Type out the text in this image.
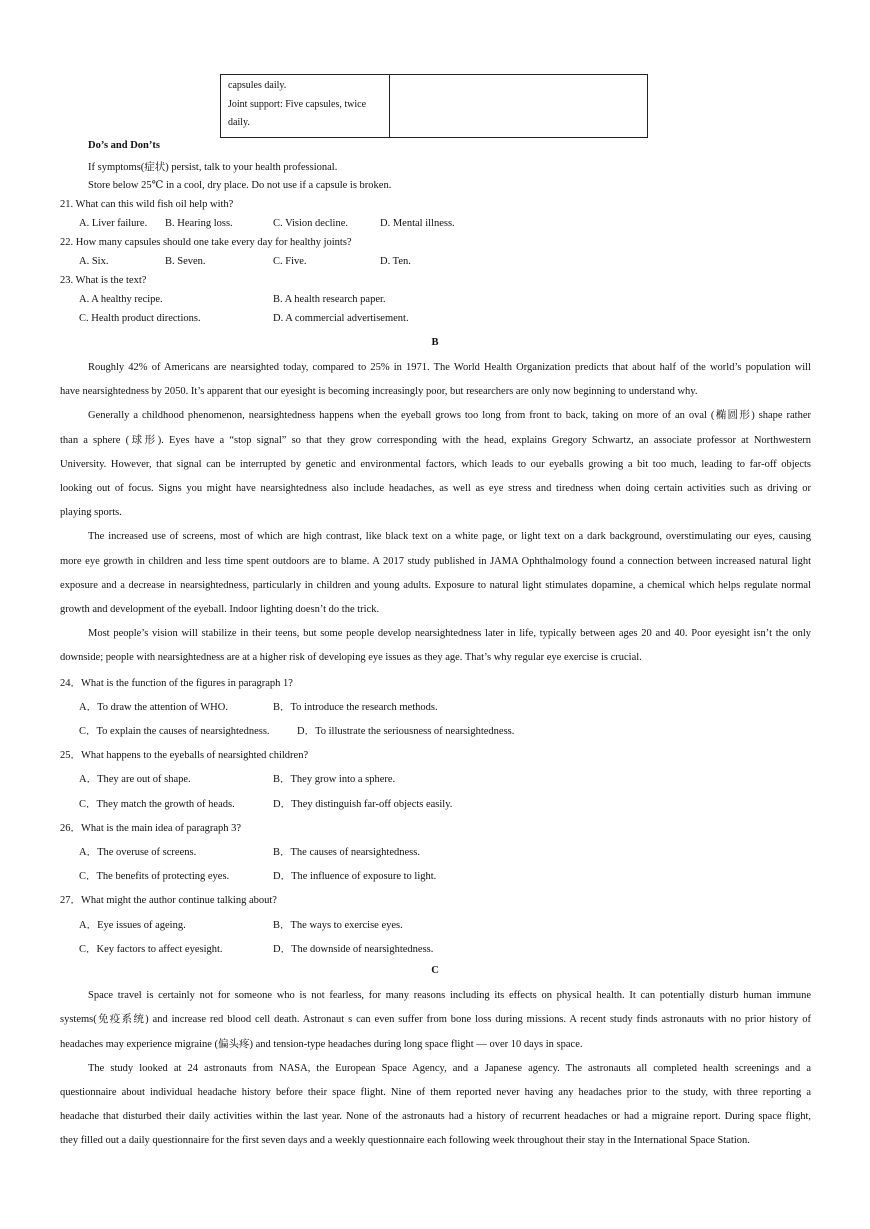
capsules daily.
Joint support: Five capsules, twice
daily.
Do’s and Don’ts
If symptoms(症状) persist, talk to your health professional.
Store below 25℃ in a cool, dry place. Do not use if a capsule is broken.
21. What can this wild fish oil help with?
A. Liver failure. B. Hearing loss.	C. Vision decline.	D. Mental illness.
22. How many capsules should one take every day for healthy joints?
A. Six.	B. Seven.	C. Five.	D. Ten.
23. What is the text?
A. A healthy recipe.	B. A health research paper.
C. Health product directions.	D. A commercial advertisement.
B
Roughly 42% of Americans are nearsighted today, compared to 25% in 1971. The World Health Organization predicts that about half of the world’s population will
have nearsightedness by 2050. It’s apparent that our eyesight is becoming increasingly poor, but researchers are only now beginning to understand why.
Generally a childhood phenomenon, nearsightedness happens when the eyeball grows too long from front to back, taking on more of an oval (椭圆形) shape rather
than a sphere (球形). Eyes have a “stop signal” so that they grow corresponding with the head, explains Gregory Schwartz, an associate professor at Northwestern
University. However, that signal can be interrupted by genetic and environmental factors, which leads to our eyeballs growing a bit too much, leading to far-off objects
looking out of focus. Signs you might have nearsightedness also include headaches, as well as eye stress and tiredness when doing certain activities such as driving or
playing sports.
The increased use of screens, most of which are high contrast, like black text on a white page, or light text on a dark background, overstimulating our eyes, causing
more eye growth in children and less time spent outdoors are to blame. A 2017 study published in JAMA Ophthalmology found a connection between increased natural light
exposure and a decrease in nearsightedness, particularly in children and young adults. Exposure to natural light stimulates dopamine, a chemical which helps regulate normal
growth and development of the eyeball. Indoor lighting doesn’t do the trick.
Most people’s vision will stabilize in their teens, but some people develop nearsightedness later in life, typically between ages 20 and 40. Poor eyesight isn’t the only
downside; people with nearsightedness are at a higher risk of developing eye issues as they age. That’s why regular eye exercise is crucial.
24．What is the function of the figures in paragraph 1?
A．To draw the attention of WHO.	B．To introduce the research methods.
C．To explain the causes of nearsightedness.	D．To illustrate the seriousness of nearsightedness.
25．What happens to the eyeballs of nearsighted children?
A．They are out of shape.	B．They grow into a sphere.
C．They match the growth of heads.	D．They distinguish far-off objects easily.
26．What is the main idea of paragraph 3?
A．The overuse of screens.	B．The causes of nearsightedness.
C．The benefits of protecting eyes.	D．The influence of exposure to light.
27．What might the author continue talking about?
A．Eye issues of ageing.	B．The ways to exercise eyes.
C．Key factors to affect eyesight.	D．The downside of nearsightedness.
C
Space travel is certainly not for someone who is not fearless, for many reasons including its effects on physical health. It can potentially disturb human immune
systems(免疫系统) and increase red blood cell death. Astronaut s can even suffer from bone loss during missions. A recent study finds astronauts with no prior history of
headaches may experience migraine (偏头疼) and tension-type headaches during long space flight — over 10 days in space.
The study looked at 24 astronauts from NASA, the European Space Agency, and a Japanese agency. The astronauts all completed health screenings and a
questionnaire about individual headache history before their space flight. Nine of them reported never having any headaches prior to the study, with three reporting a
headache that disturbed their daily activities within the last year. None of the astronauts had a history of recurrent headaches or had a migraine report. During space flight,
they filled out a daily questionnaire for the first seven days and a weekly questionnaire each following week throughout their stay in the International Space Station.
